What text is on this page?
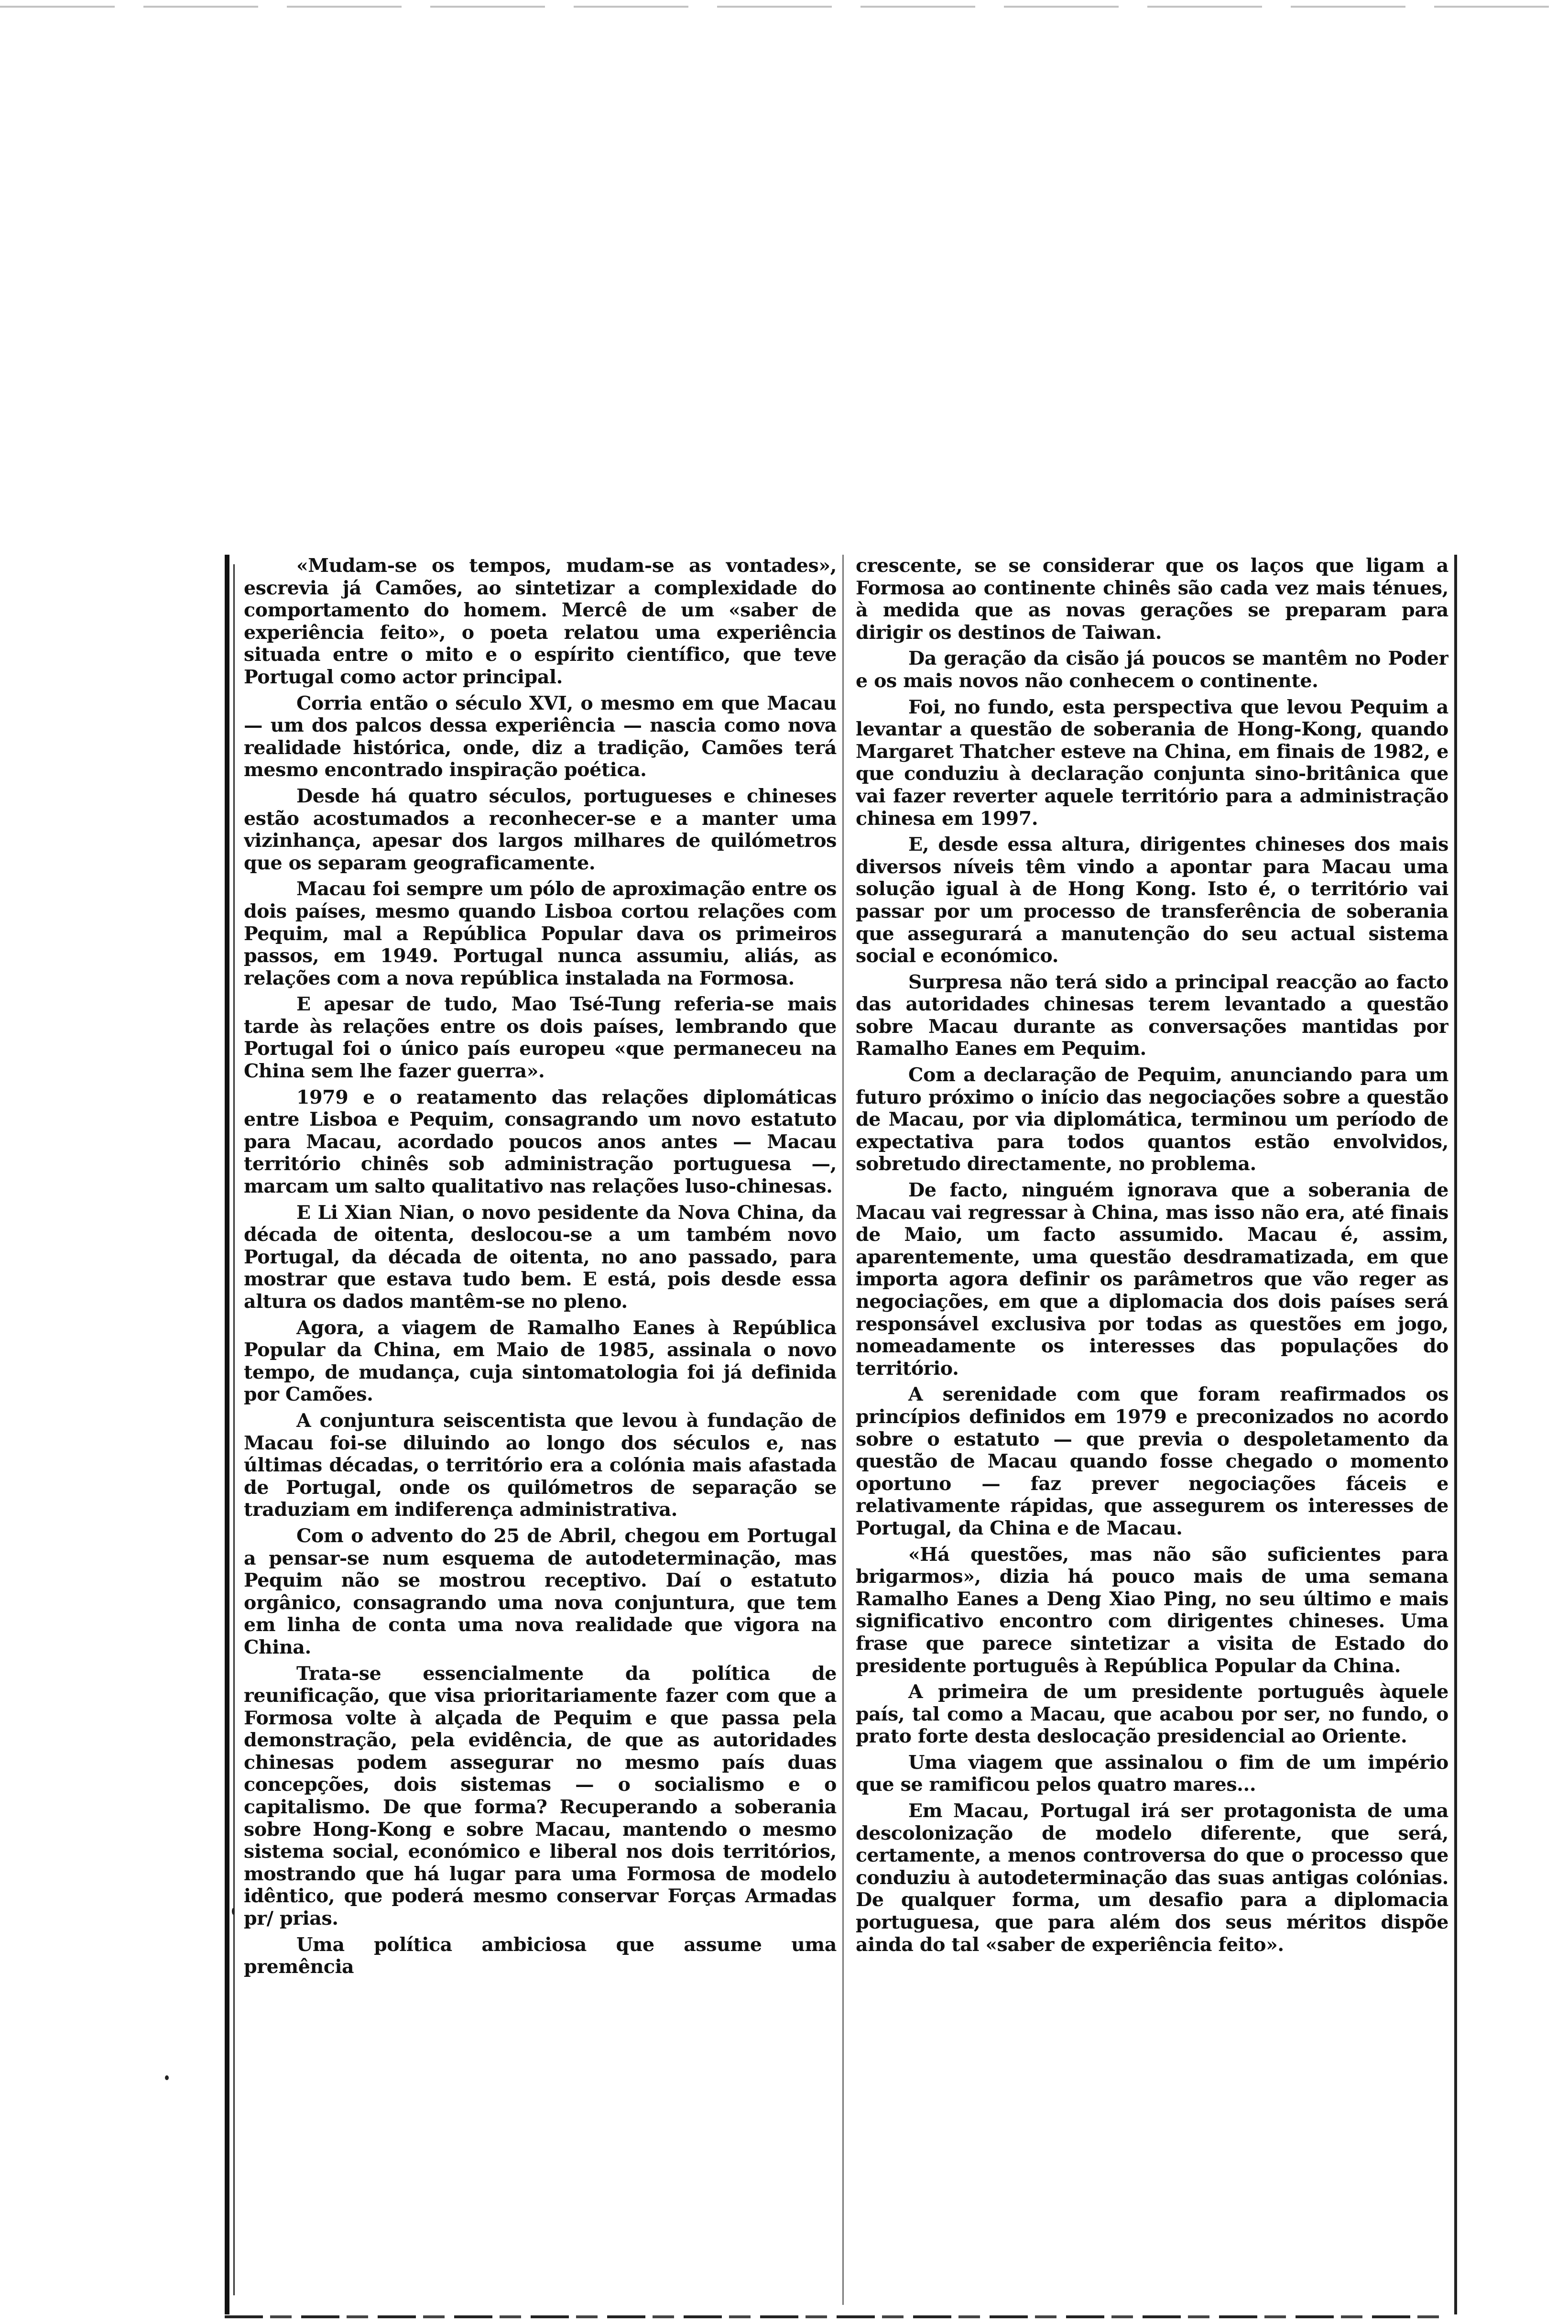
«Mudam-se os tempos, mudam-se as vontades», escrevia já Camões, ao sintetizar a complexidade do comportamento do homem. Mercê de um «saber de experiência feito», o poeta relatou uma experiência situada entre o mito e o espírito científico, que teve Portugal como actor principal.

Corria então o século XVI, o mesmo em que Macau — um dos palcos dessa experiência — nascia como nova realidade histórica, onde, diz a tradição, Camões terá mesmo encontrado inspiração poética.

Desde há quatro séculos, portugueses e chineses estão acostumados a reconhecer-se e a manter uma vizinhança, apesar dos largos milhares de quilómetros que os separam geograficamente.

Macau foi sempre um pólo de aproximação entre os dois países, mesmo quando Lisboa cortou relações com Pequim, mal a República Popular dava os primeiros passos, em 1949. Portugal nunca assumiu, aliás, as relações com a nova república instalada na Formosa.

E apesar de tudo, Mao Tsé-Tung referia-se mais tarde às relações entre os dois países, lembrando que Portugal foi o único país europeu «que permaneceu na China sem lhe fazer guerra».

1979 e o reatamento das relações diplomáticas entre Lisboa e Pequim, consagrando um novo estatuto para Macau, acordado poucos anos antes — Macau território chinês sob administração portuguesa —, marcam um salto qualitativo nas relações luso-chinesas.

E Li Xian Nian, o novo pesidente da Nova China, da década de oitenta, deslocou-se a um também novo Portugal, da década de oitenta, no ano passado, para mostrar que estava tudo bem. E está, pois desde essa altura os dados mantêm-se no pleno.

Agora, a viagem de Ramalho Eanes à República Popular da China, em Maio de 1985, assinala o novo tempo, de mudança, cuja sintomatologia foi já definida por Camões.

A conjuntura seiscentista que levou à fundação de Macau foi-se diluindo ao longo dos séculos e, nas últimas décadas, o território era a colónia mais afastada de Portugal, onde os quilómetros de separação se traduziam em indiferença administrativa.

Com o advento do 25 de Abril, chegou em Portugal a pensar-se num esquema de autodeterminação, mas Pequim não se mostrou receptivo. Daí o estatuto orgânico, consagrando uma nova conjuntura, que tem em linha de conta uma nova realidade que vigora na China.

Trata-se essencialmente da política de reunificação, que visa prioritariamente fazer com que a Formosa volte à alçada de Pequim e que passa pela demonstração, pela evidência, de que as autoridades chinesas podem assegurar no mesmo país duas concepções, dois sistemas — o socialismo e o capitalismo. De que forma? Recuperando a soberania sobre Hong-Kong e sobre Macau, mantendo o mesmo sistema social, económico e liberal nos dois territórios, mostrando que há lugar para uma Formosa de modelo idêntico, que poderá mesmo conservar Forças Armadas pr/ prias.

Uma política ambiciosa que assume uma premência

crescente, se se considerar que os laços que ligam a Formosa ao continente chinês são cada vez mais ténues, à medida que as novas gerações se preparam para dirigir os destinos de Taiwan.

Da geração da cisão já poucos se mantêm no Poder e os mais novos não conhecem o continente.

Foi, no fundo, esta perspectiva que levou Pequim a levantar a questão de soberania de Hong-Kong, quando Margaret Thatcher esteve na China, em finais de 1982, e que conduziu à declaração conjunta sino-britânica que vai fazer reverter aquele território para a administração chinesa em 1997.

E, desde essa altura, dirigentes chineses dos mais diversos níveis têm vindo a apontar para Macau uma solução igual à de Hong Kong. Isto é, o território vai passar por um processo de transferência de soberania que assegurará a manutenção do seu actual sistema social e económico.

Surpresa não terá sido a principal reacção ao facto das autoridades chinesas terem levantado a questão sobre Macau durante as conversações mantidas por Ramalho Eanes em Pequim.

Com a declaração de Pequim, anunciando para um futuro próximo o início das negociações sobre a questão de Macau, por via diplomática, terminou um período de expectativa para todos quantos estão envolvidos, sobretudo directamente, no problema.

De facto, ninguém ignorava que a soberania de Macau vai regressar à China, mas isso não era, até finais de Maio, um facto assumido. Macau é, assim, aparentemente, uma questão desdramatizada, em que importa agora definir os parâmetros que vão reger as negociações, em que a diplomacia dos dois países será responsável exclusiva por todas as questões em jogo, nomeadamente os interesses das populações do território.

A serenidade com que foram reafirmados os princípios definidos em 1979 e preconizados no acordo sobre o estatuto — que previa o despoletamento da questão de Macau quando fosse chegado o momento oportuno — faz prever negociações fáceis e relativamente rápidas, que assegurem os interesses de Portugal, da China e de Macau.

«Há questões, mas não são suficientes para brigarmos», dizia há pouco mais de uma semana Ramalho Eanes a Deng Xiao Ping, no seu último e mais significativo encontro com dirigentes chineses. Uma frase que parece sintetizar a visita de Estado do presidente português à República Popular da China.

A primeira de um presidente português àquele país, tal como a Macau, que acabou por ser, no fundo, o prato forte desta deslocação presidencial ao Oriente.

Uma viagem que assinalou o fim de um império que se ramificou pelos quatro mares...

Em Macau, Portugal irá ser protagonista de uma descolonização de modelo diferente, que será, certamente, a menos controversa do que o processo que conduziu à autodeterminação das suas antigas colónias. De qualquer forma, um desafio para a diplomacia portuguesa, que para além dos seus méritos dispõe ainda do tal «saber de experiência feito».
